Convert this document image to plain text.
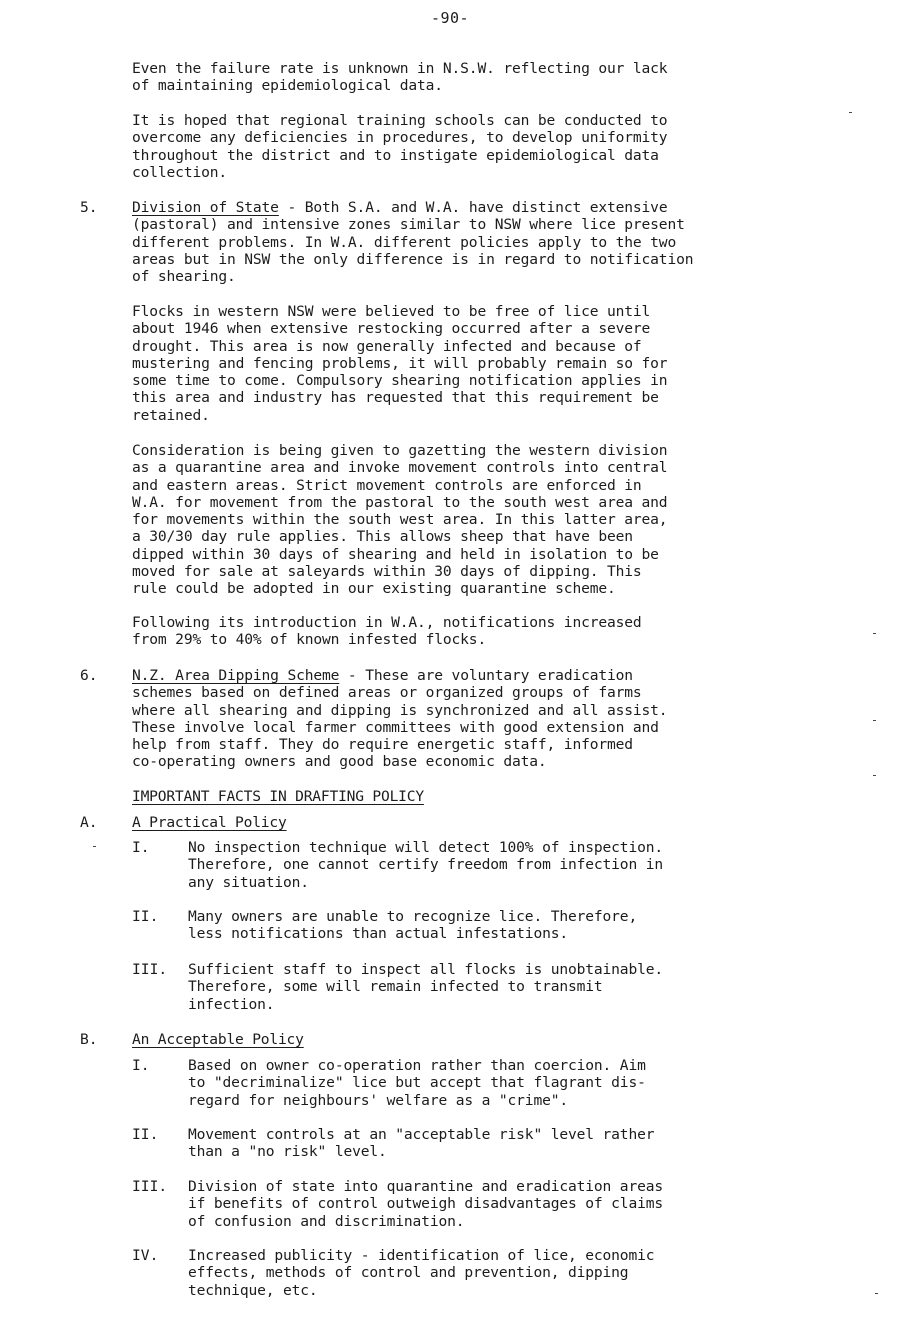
-90-
Even the failure rate is unknown in N.S.W. reflecting our lack
of maintaining epidemiological data.
It is hoped that regional training schools can be conducted to
overcome any deficiencies in procedures, to develop uniformity
throughout the district and to instigate epidemiological data
collection.
5. Division of State - Both S.A. and W.A. have distinct extensive
(pastoral) and intensive zones similar to NSW where lice present
different problems. In W.A. different policies apply to the two
areas but in NSW the only difference is in regard to notification
of shearing.
Flocks in western NSW were believed to be free of lice until
about 1946 when extensive restocking occurred after a severe
drought. This area is now generally infected and because of
mustering and fencing problems, it will probably remain so for
some time to come. Compulsory shearing notification applies in
this area and industry has requested that this requirement be
retained.
Consideration is being given to gazetting the western division
as a quarantine area and invoke movement controls into central
and eastern areas. Strict movement controls are enforced in
W.A. for movement from the pastoral to the south west area and
for movements within the south west area. In this latter area,
a 30/30 day rule applies. This allows sheep that have been
dipped within 30 days of shearing and held in isolation to be
moved for sale at saleyards within 30 days of dipping. This
rule could be adopted in our existing quarantine scheme.
Following its introduction in W.A., notifications increased
from 29% to 40% of known infested flocks.
6. N.Z. Area Dipping Scheme - These are voluntary eradication
schemes based on defined areas or organized groups of farms
where all shearing and dipping is synchronized and all assist.
These involve local farmer committees with good extension and
help from staff. They do require energetic staff, informed
co-operating owners and good base economic data.
IMPORTANT FACTS IN DRAFTING POLICY
A. A Practical Policy
I.	No inspection technique will detect 100% of inspection.
Therefore, one cannot certify freedom from infection in
any situation.
II. Many owners are unable to recognize lice. Therefore,
less notifications than actual infestations.
III. Sufficient staff to inspect all flocks is unobtainable.
Therefore, some will remain infected to transmit
infection.
B. An Acceptable Policy
I.	Based on owner co-operation rather than coercion. Aim
to "decriminalize" lice but accept that flagrant dis-
regard for neighbours' welfare as a "crime".
II. Movement controls at an "acceptable risk" level rather
than a "no risk" level.
III. Division of state into quarantine and eradication areas
if benefits of control outweigh disadvantages of claims
of confusion and discrimination.
IV. Increased publicity - identification of lice, economic
effects, methods of control and prevention, dipping
technique, etc.
